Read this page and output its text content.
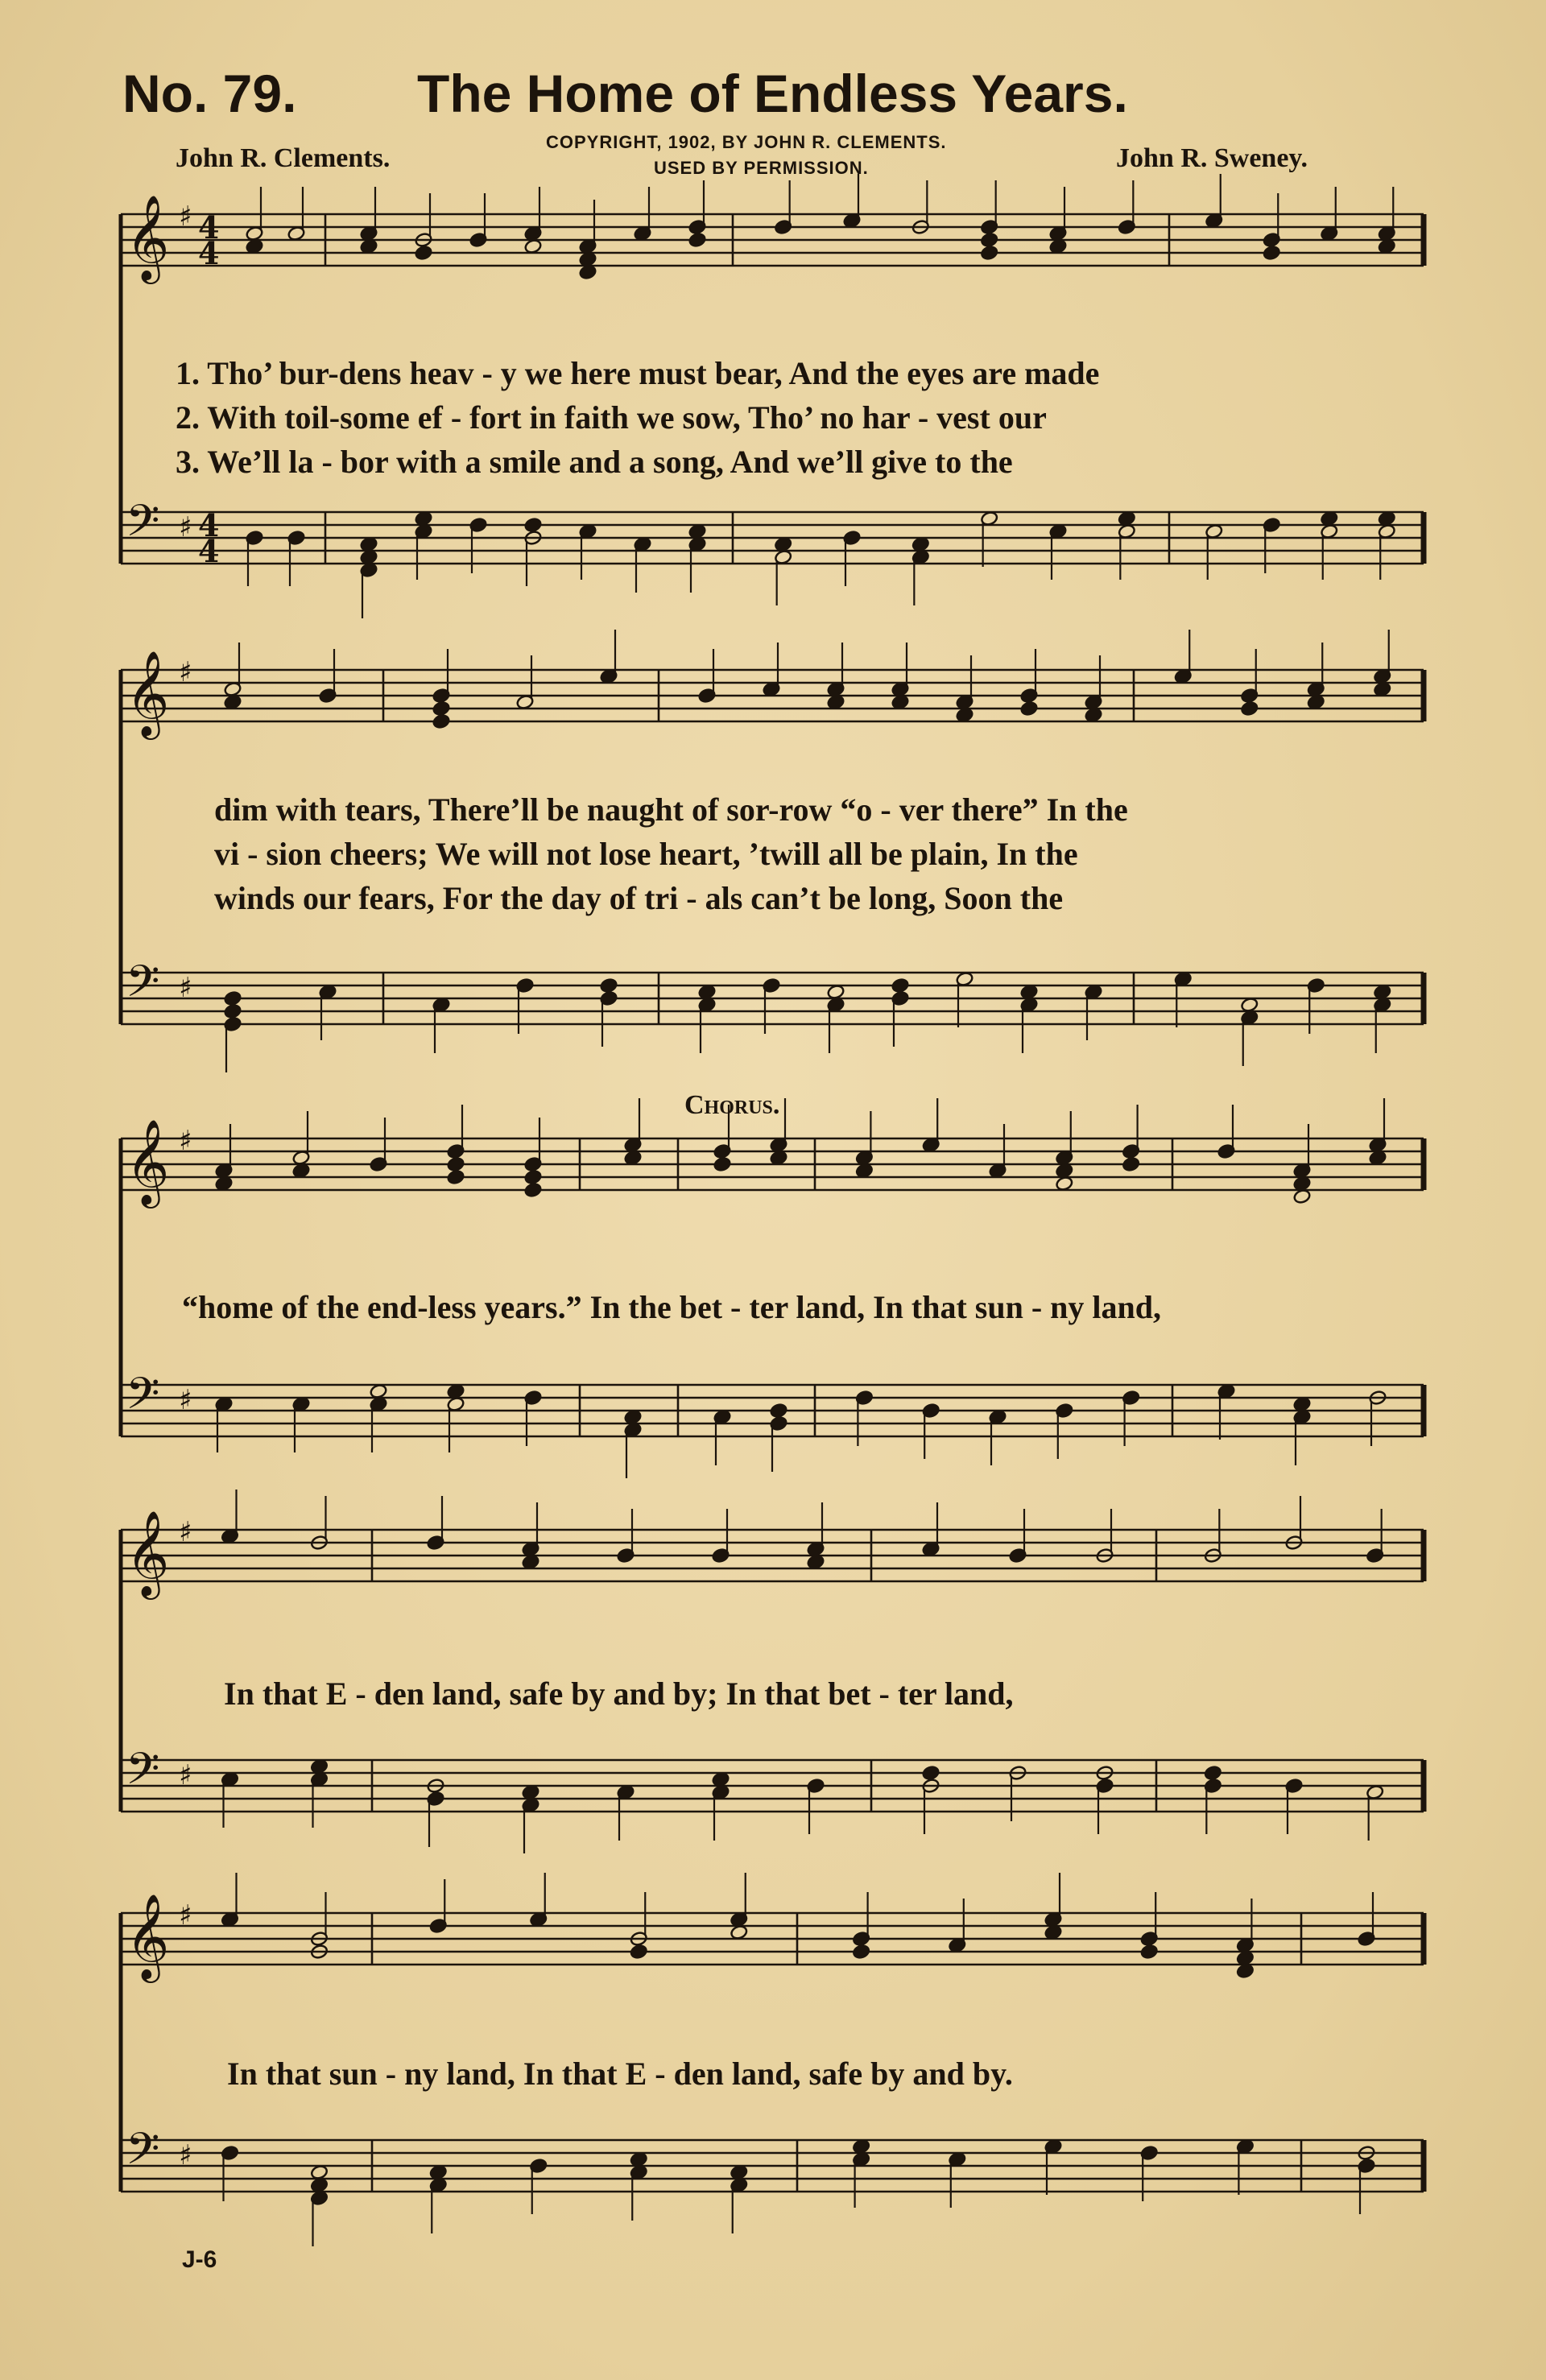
No. 79. The Home of Endless Years.
John R. Clements.
COPYRIGHT, 1902, BY JOHN R. CLEMENTS.
USED BY PERMISSION.	John R. Sweney.
𝄞 ♯ 4
4
𝄢 ♯ 4
4
𝄞 ♯
𝄢 ♯
𝄞 ♯
𝄢 ♯
𝄞 ♯
𝄢 ♯
𝄞 ♯
𝄢 ♯
1. Tho’ bur-dens heav - y we here must bear, And the eyes are made
2. With toil-some ef - fort in faith we sow, Tho’ no har - vest our
3. We’ll la - bor with a smile and a song, And we’ll give to the
dim with tears, There’ll be naught of sor-row “o - ver there” In the
vi - sion cheers; We will not lose heart, ’twill all be plain, In the
winds our fears, For the day of tri - als can’t be long, Soon the
Chorus.
“home of the end-less years.” In the bet - ter land, In that sun - ny land,
In that E - den land, safe by and by; In that bet - ter land,
In that sun - ny land, In that E - den land, safe by and by.
J-6
